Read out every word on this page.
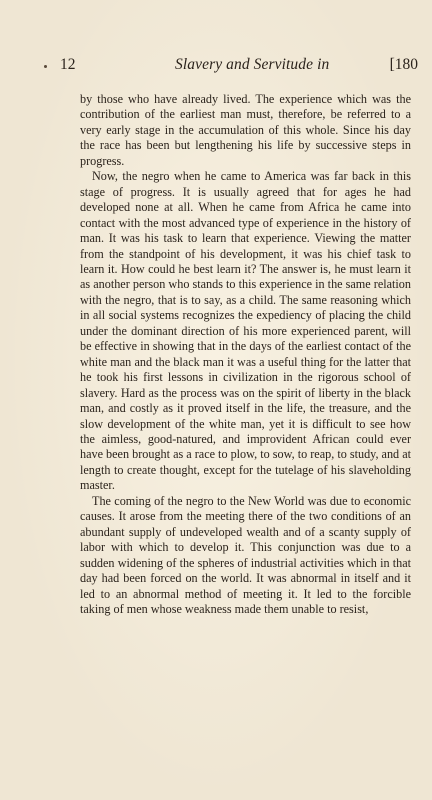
12	Slavery and Servitude in	[180

by those who have already lived. The experience which was the contribution of the earliest man must, therefore, be referred to a very early stage in the accumulation of this whole. Since his day the race has been but lengthening his life by successive steps in progress.

Now, the negro when he came to America was far back in this stage of progress. It is usually agreed that for ages he had developed none at all. When he came from Africa he came into contact with the most advanced type of experience in the history of man. It was his task to learn that experience. Viewing the matter from the standpoint of his development, it was his chief task to learn it. How could he best learn it? The answer is, he must learn it as another person who stands to this experience in the same relation with the negro, that is to say, as a child. The same reasoning which in all social systems recognizes the expediency of placing the child under the dominant direction of his more experienced parent, will be effective in showing that in the days of the earliest contact of the white man and the black man it was a useful thing for the latter that he took his first lessons in civilization in the rigorous school of slavery. Hard as the process was on the spirit of liberty in the black man, and costly as it proved itself in the life, the treasure, and the slow development of the white man, yet it is difficult to see how the aimless, good-natured, and improvident African could ever have been brought as a race to plow, to sow, to reap, to study, and at length to create thought, except for the tutelage of his slaveholding master.

The coming of the negro to the New World was due to economic causes. It arose from the meeting there of the two conditions of an abundant supply of undeveloped wealth and of a scanty supply of labor with which to develop it. This conjunction was due to a sudden widening of the spheres of industrial activities which in that day had been forced on the world. It was abnormal in itself and it led to an abnormal method of meeting it. It led to the forcible taking of men whose weakness made them unable to resist,
